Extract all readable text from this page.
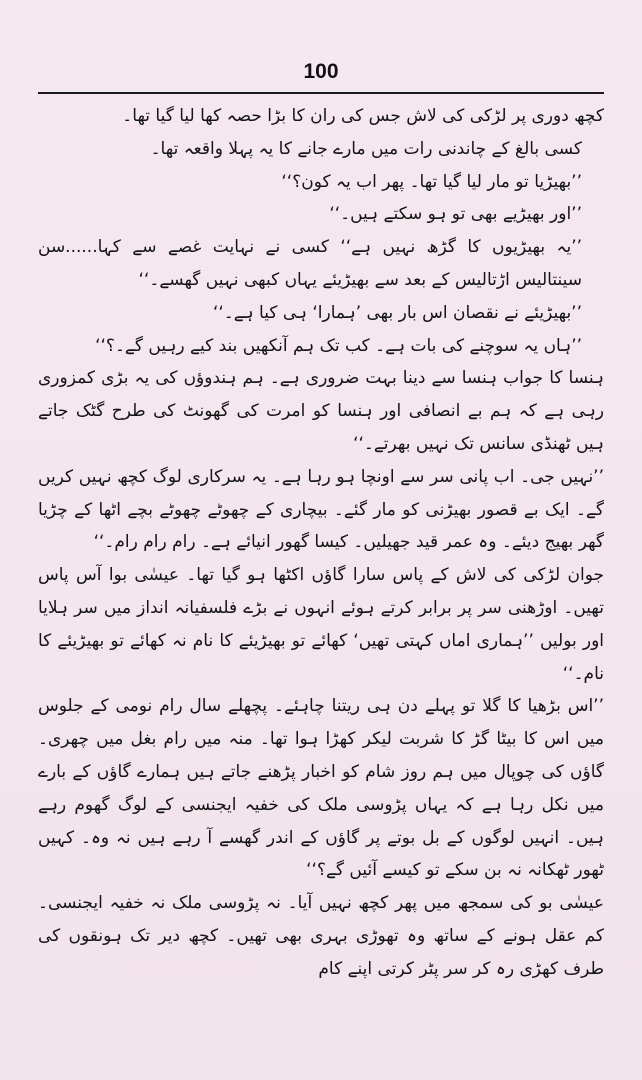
100

کچھ دوری پر لڑکی کی لاش جس کی ران کا بڑا حصہ کھا لیا گیا تھا۔

کسی بالغ کے چاندنی رات میں مارے جانے کا یہ پہلا واقعہ تھا۔

’’بھیڑیا تو مار لیا گیا تھا۔ پھر اب یہ کون؟‘‘

’’اور بھیڑیے بھی تو ہو سکتے ہیں۔‘‘

’’یہ بھیڑیوں کا گڑھ نہیں ہے‘‘ کسی نے نہایت غصے سے کہا......سن سینتالیس اڑتالیس کے بعد سے بھیڑیئے یہاں کبھی نہیں گھسے۔‘‘

’’بھیڑیئے نے نقصان اس بار بھی ’ہمارا‘ ہی کیا ہے۔‘‘

’’ہاں یہ سوچنے کی بات ہے۔ کب تک ہم آنکھیں بند کیے رہیں گے۔؟‘‘

ہنسا کا جواب ہنسا سے دینا بہت ضروری ہے۔ ہم ہندوؤں کی یہ بڑی کمزوری رہی ہے کہ ہم بے انصافی اور ہنسا کو امرت کی گھونٹ کی طرح گٹک جاتے ہیں ٹھنڈی سانس تک نہیں بھرتے۔‘‘

’’نہیں جی۔ اب پانی سر سے اونچا ہو رہا ہے۔ یہ سرکاری لوگ کچھ نہیں کریں گے۔ ایک بے قصور بھیڑنی کو مار گئے۔ بیچاری کے چھوٹے چھوٹے بچے اٹھا کے چڑیا گھر بھیج دیئے۔ وہ عمر قید جھیلیں۔ کیسا گھور انیائے ہے۔ رام رام رام۔‘‘

جوان لڑکی کی لاش کے پاس سارا گاؤں اکٹھا ہو گیا تھا۔ عیسٰی بوا آس پاس تھیں۔ اوڑھنی سر پر برابر کرتے ہوئے انہوں نے بڑے فلسفیانہ انداز میں سر ہلایا اور بولیں ’’ہماری اماں کہتی تھیں‘ کھائے تو بھیڑیئے کا نام نہ کھائے تو بھیڑیئے کا نام۔‘‘

’’اس بڑھیا کا گلا تو پہلے دن ہی ریتنا چاہئے۔ پچھلے سال رام نومی کے جلوس میں اس کا بیٹا گڑ کا شربت لیکر کھڑا ہوا تھا۔ منہ میں رام بغل میں چھری۔ گاؤں کی چوپال میں ہم روز شام کو اخبار پڑھنے جاتے ہیں ہمارے گاؤں کے بارے میں نکل رہا ہے کہ یہاں پڑوسی ملک کی خفیہ ایجنسی کے لوگ گھوم رہے ہیں۔ انہیں لوگوں کے بل بوتے پر گاؤں کے اندر گھسے آ رہے ہیں نہ وہ۔ کہیں ٹھور ٹھکانہ نہ بن سکے تو کیسے آئیں گے؟‘‘

عیسٰی بو کی سمجھ میں پھر کچھ نہیں آیا۔ نہ پڑوسی ملک نہ خفیہ ایجنسی۔ کم عقل ہونے کے ساتھ وہ تھوڑی بہری بھی تھیں۔ کچھ دیر تک ہونقوں کی طرف کھڑی رہ کر سر پٹر کرتی اپنے کام
